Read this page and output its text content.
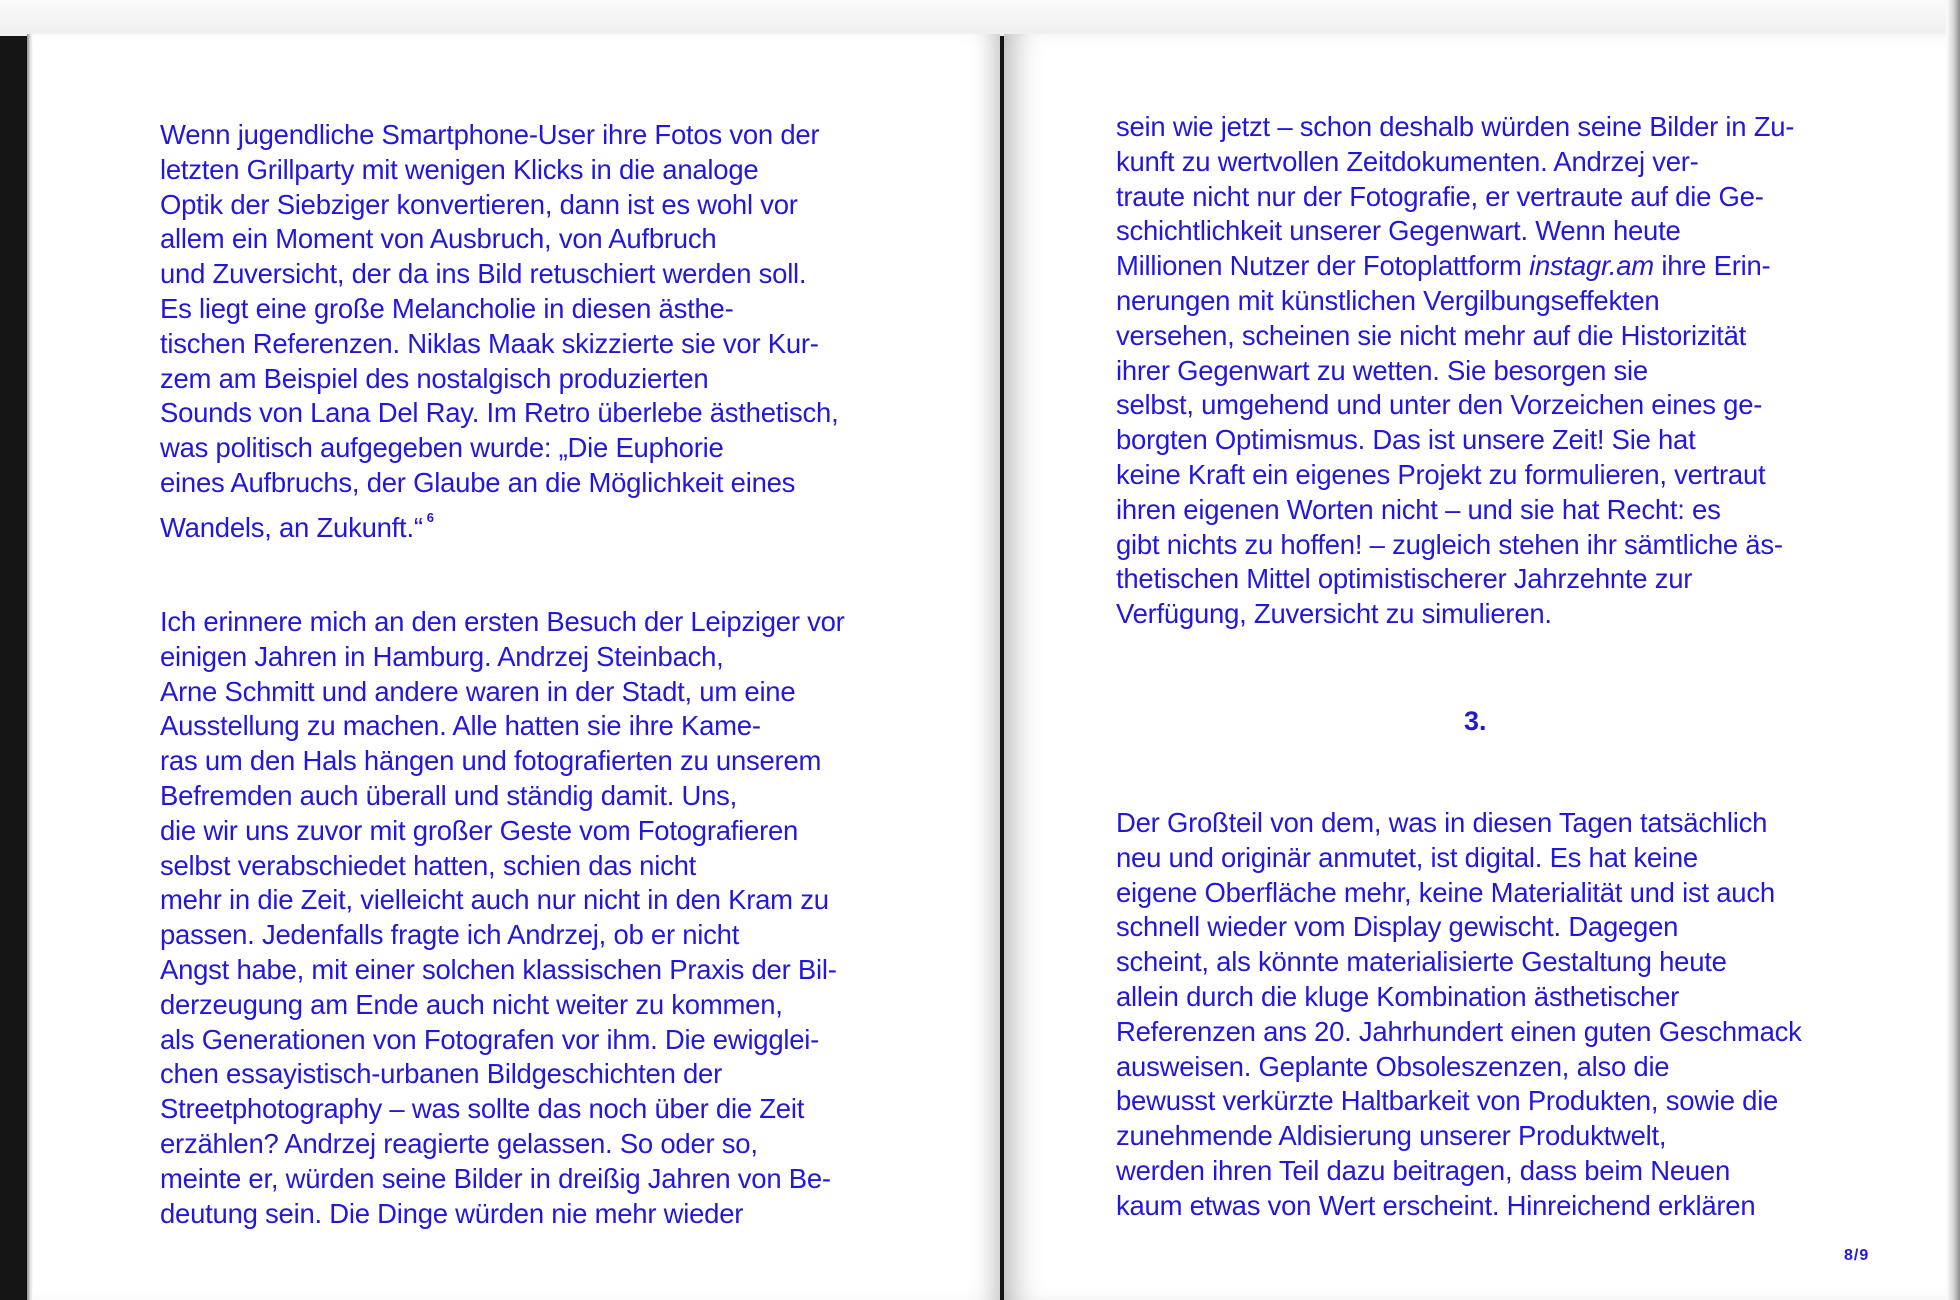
Wenn jugendliche Smartphone-User ihre Fotos von der
letzten Grillparty mit wenigen Klicks in die analoge
Optik der Siebziger konvertieren, dann ist es wohl vor
allem ein Moment von Ausbruch, von Aufbruch
und Zuversicht, der da ins Bild retuschiert werden soll.
Es liegt eine große Melancholie in diesen ästhe-
tischen Referenzen. Niklas Maak skizzierte sie vor Kur-
zem am Beispiel des nostalgisch produzierten
Sounds von Lana Del Ray. Im Retro überlebe ästhetisch,
was politisch aufgegeben wurde: „Die Euphorie
eines Aufbruchs, der Glaube an die Möglichkeit eines
Wandels, an Zukunft.“ 6
Ich erinnere mich an den ersten Besuch der Leipziger vor
einigen Jahren in Hamburg. Andrzej Steinbach,
Arne Schmitt und andere waren in der Stadt, um eine
Ausstellung zu machen. Alle hatten sie ihre Kame-
ras um den Hals hängen und fotografierten zu unserem
Befremden auch überall und ständig damit. Uns,
die wir uns zuvor mit großer Geste vom Fotografieren
selbst verabschiedet hatten, schien das nicht
mehr in die Zeit, vielleicht auch nur nicht in den Kram zu
passen. Jedenfalls fragte ich Andrzej, ob er nicht
Angst habe, mit einer solchen klassischen Praxis der Bil-
derzeugung am Ende auch nicht weiter zu kommen,
als Generationen von Fotografen vor ihm. Die ewigglei-
chen essayistisch-urbanen Bildgeschichten der
Streetphotography – was sollte das noch über die Zeit
erzählen? Andrzej reagierte gelassen. So oder so,
meinte er, würden seine Bilder in dreißig Jahren von Be-
deutung sein. Die Dinge würden nie mehr wieder
sein wie jetzt – schon deshalb würden seine Bilder in Zu-
kunft zu wertvollen Zeitdokumenten. Andrzej ver-
traute nicht nur der Fotografie, er vertraute auf die Ge-
schichtlichkeit unserer Gegenwart. Wenn heute
Millionen Nutzer der Fotoplattform instagr.am ihre Erin-
nerungen mit künstlichen Vergilbungseffekten
versehen, scheinen sie nicht mehr auf die Historizität
ihrer Gegenwart zu wetten. Sie besorgen sie
selbst, umgehend und unter den Vorzeichen eines ge-
borgten Optimismus. Das ist unsere Zeit! Sie hat
keine Kraft ein eigenes Projekt zu formulieren, vertraut
ihren eigenen Worten nicht – und sie hat Recht: es
gibt nichts zu hoffen! – zugleich stehen ihr sämtliche äs-
thetischen Mittel optimistischerer Jahrzehnte zur
Verfügung, Zuversicht zu simulieren.
3.
Der Großteil von dem, was in diesen Tagen tatsächlich
neu und originär anmutet, ist digital. Es hat keine
eigene Oberfläche mehr, keine Materialität und ist auch
schnell wieder vom Display gewischt. Dagegen
scheint, als könnte materialisierte Gestaltung heute
allein durch die kluge Kombination ästhetischer
Referenzen ans 20. Jahrhundert einen guten Geschmack
ausweisen. Geplante Obsoleszenzen, also die
bewusst verkürzte Haltbarkeit von Produkten, sowie die
zunehmende Aldisierung unserer Produktwelt,
werden ihren Teil dazu beitragen, dass beim Neuen
kaum etwas von Wert erscheint. Hinreichend erklären
8/9
